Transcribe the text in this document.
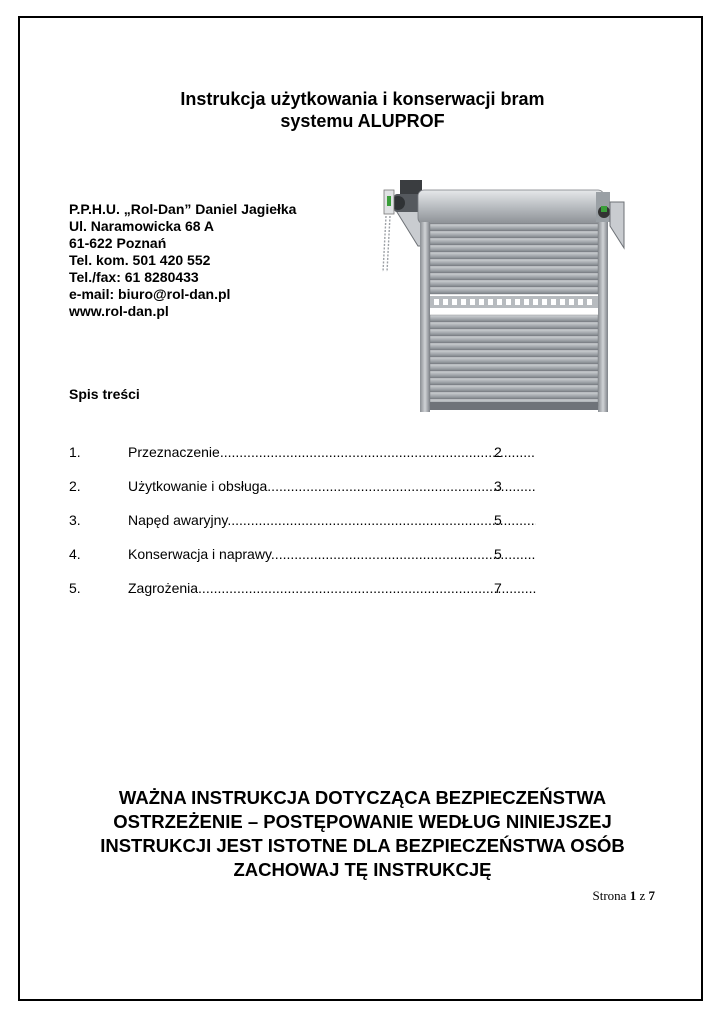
Instrukcja użytkowania i konserwacji bram
systemu ALUPROF
P.P.H.U. „Rol-Dan” Daniel Jagiełka
Ul. Naramowicka 68 A
61-622 Poznań
Tel. kom. 501 420 552
Tel./fax: 61 8280433
e-mail: biuro@rol-dan.pl
www.rol-dan.pl
Spis treści
1.	Przeznaczenie .....	2
2.	Użytkowanie i obsługa .....	3
3.	Napęd awaryjny .....	5
4.	Konserwacja i naprawy .....	5
5.	Zagrożenia .....	7
WAŻNA INSTRUKCJA DOTYCZĄCA BEZPIECZEŃSTWA
OSTRZEŻENIE – POSTĘPOWANIE WEDŁUG NINIEJSZEJ
INSTRUKCJI JEST ISTOTNE DLA BEZPIECZEŃSTWA OSÓB
ZACHOWAJ TĘ INSTRUKCJĘ
Strona 1 z 7
